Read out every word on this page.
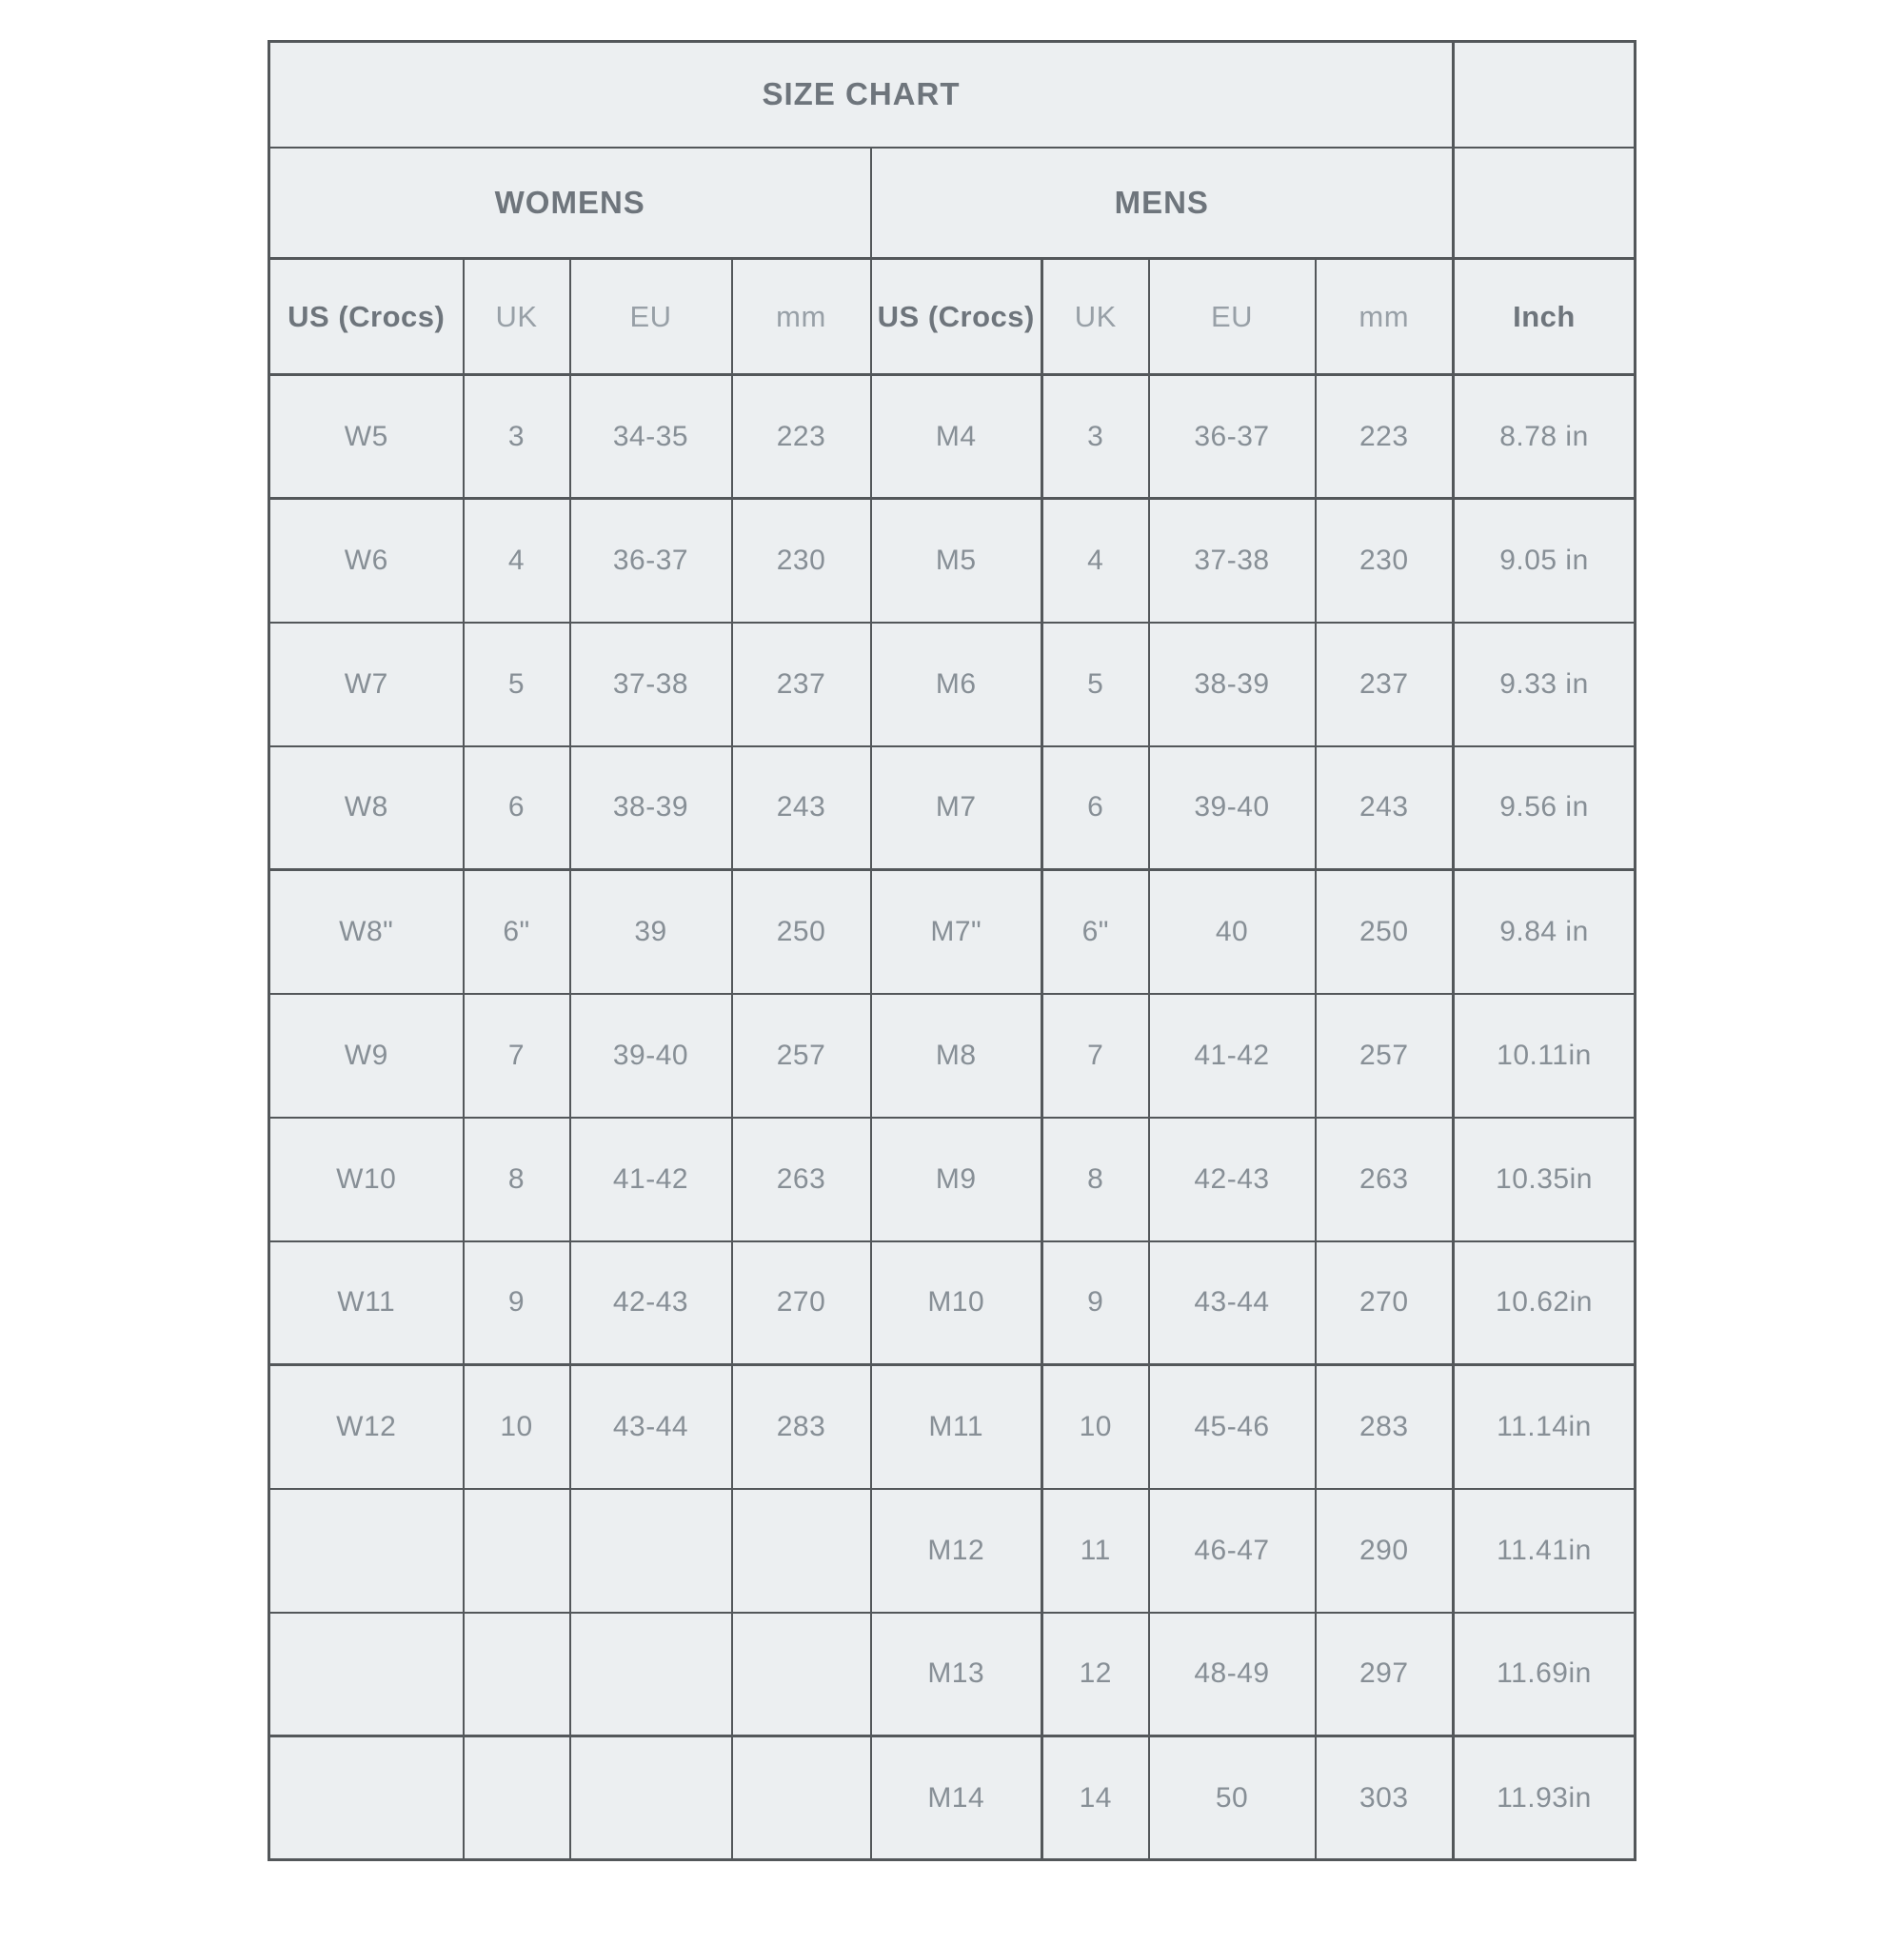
SIZE CHART								
WOMENS				MENS				
US (Crocs)	UK	EU	mm	US (Crocs)	UK	EU	mm	Inch
W5	3	34-35	223	M4	3	36-37	223	8.78 in
W6	4	36-37	230	M5	4	37-38	230	9.05 in
W7	5	37-38	237	M6	5	38-39	237	9.33 in
W8	6	38-39	243	M7	6	39-40	243	9.56 in
W8"	6"	39	250	M7"	6"	40	250	9.84 in
W9	7	39-40	257	M8	7	41-42	257	10.11in
W10	8	41-42	263	M9	8	42-43	263	10.35in
W11	9	42-43	270	M10	9	43-44	270	10.62in
W12	10	43-44	283	M11	10	45-46	283	11.14in
				M12	11	46-47	290	11.41in
				M13	12	48-49	297	11.69in
				M14	14	50	303	11.93in
